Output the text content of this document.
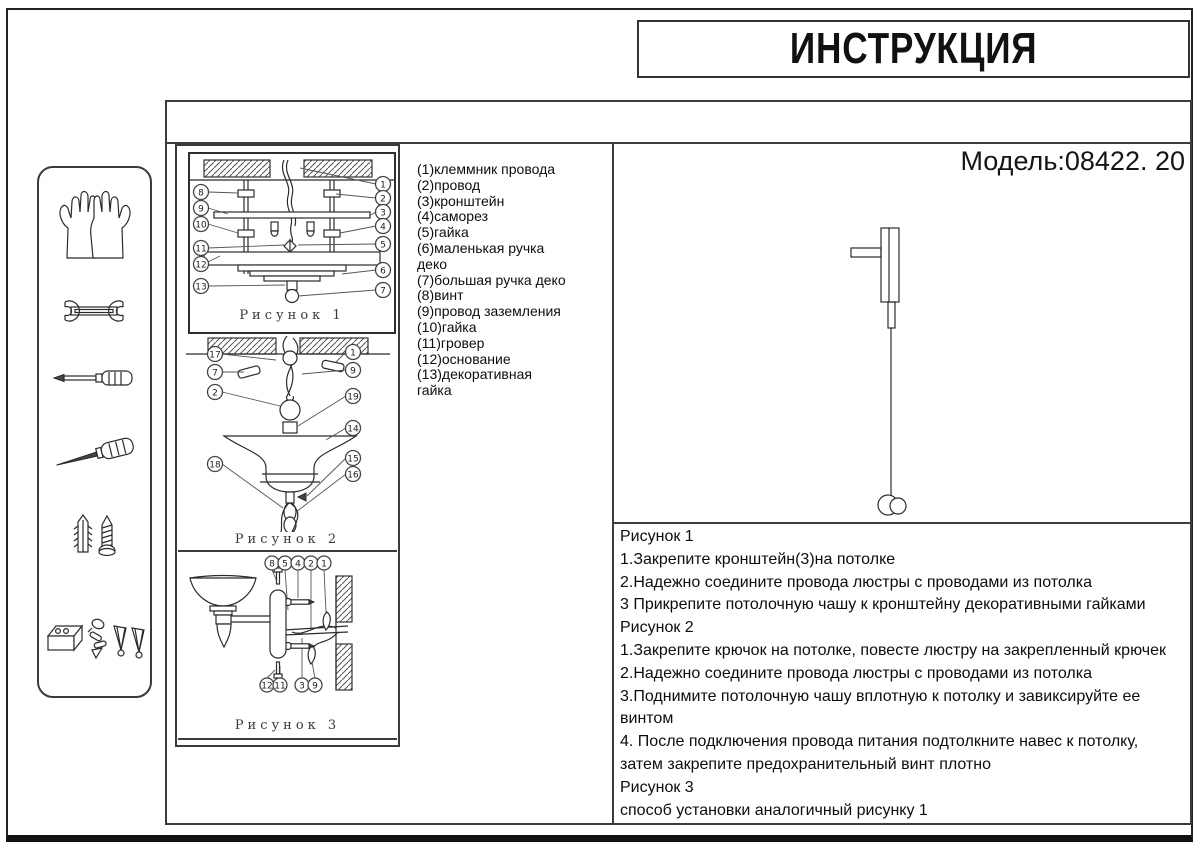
ИНСТРУКЦИЯ
Модель:08422. 20
8
9
10
11
12
13
1
2
3
4
5
6
7
Рисунок 1
17
7
2
18
1
9
19
14
15
16
Рисунок 2
8 5 4 2 1
12 11 3 9
Рисунок 3
(1)клеммник провода
(2)провод
(3)кронштейн
(4)саморез
(5)гайка
(6)маленькая ручка
деко
(7)большая ручка деко
(8)винт
(9)провод заземления
(10)гайка
(11)гровер
(12)основание
(13)декоративная
гайка
Рисунок 1
1.Закрепите кронштейн(3)на потолке
2.Надежно соедините провода люстры с проводами из потолка
3 Прикрепите потолочную чашу к кронштейну декоративными гайками
Рисунок 2
1.Закрепите крючок на потолке, повесте люстру на закрепленный крючек
2.Надежно соедините провода люстры с проводами из потолка
3.Поднимите потолочную чашу вплотную к потолку и завиксируйте ее
винтом
4. После подключения провода питания подтолкните навес к потолку,
затем закрепите предохранительный винт плотно
Рисунок 3
способ установки аналогичный рисунку 1
